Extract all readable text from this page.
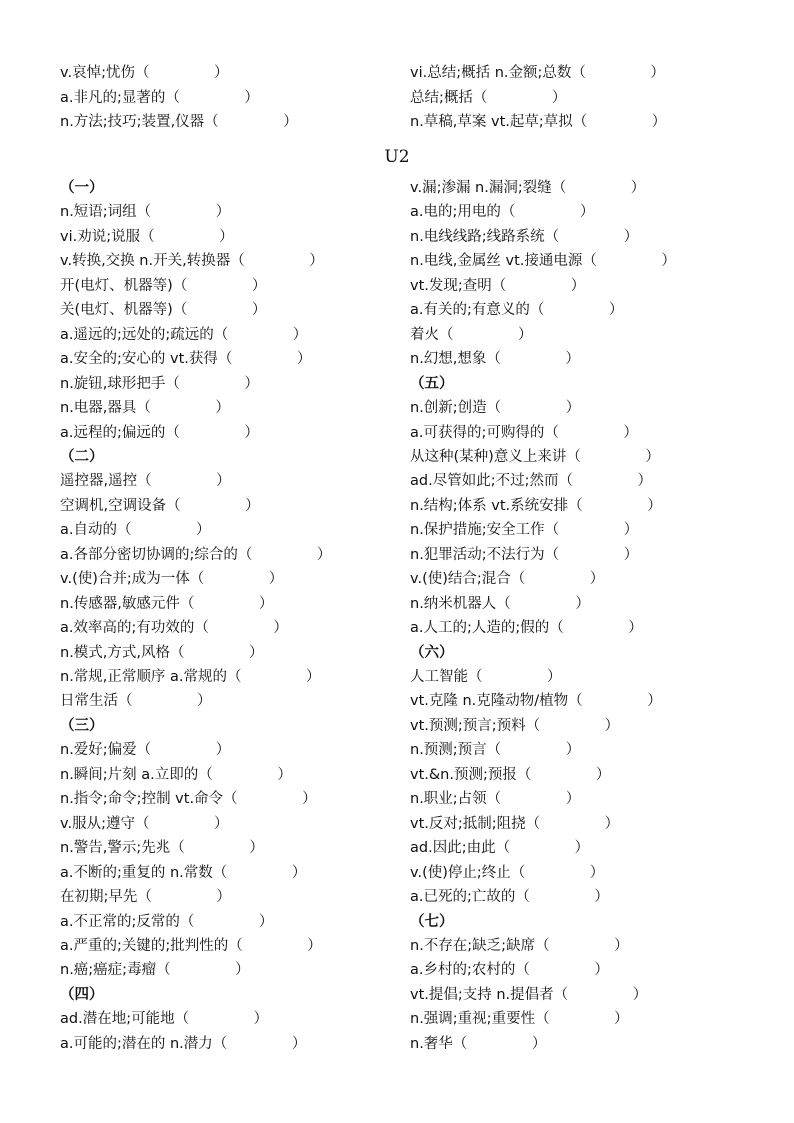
U2
v.哀悼;忧伤（              ）
a.非凡的;显著的（              ）
n.方法;技巧;装置,仪器（              ）
vi.总结;概括 n.金额;总数（              ）
总结;概括（              ）
n.草稿,草案 vt.起草;草拟（              ）
（一）
n.短语;词组（              ）
vi.劝说;说服（              ）
v.转换,交换 n.开关,转换器（              ）
开(电灯、机器等)（              ）
关(电灯、机器等)（              ）
a.遥远的;远处的;疏远的（              ）
a.安全的;安心的 vt.获得（              ）
n.旋钮,球形把手（              ）
n.电器,器具（              ）
a.远程的;偏远的（              ）
（二）
遥控器,遥控（              ）
空调机,空调设备（              ）
a.自动的（              ）
a.各部分密切协调的;综合的（              ）
v.(使)合并;成为一体（              ）
n.传感器,敏感元件（              ）
a.效率高的;有功效的（              ）
n.模式,方式,风格（              ）
n.常规,正常顺序 a.常规的（              ）
日常生活（              ）
（三）
n.爱好;偏爱（              ）
n.瞬间;片刻 a.立即的（              ）
n.指令;命令;控制 vt.命令（              ）
v.服从;遵守（              ）
n.警告,警示;先兆（              ）
a.不断的;重复的 n.常数（              ）
在初期;早先（              ）
a.不正常的;反常的（              ）
a.严重的;关键的;批判性的（              ）
n.癌;癌症;毒瘤（              ）
（四）
ad.潜在地;可能地（              ）
a.可能的;潜在的 n.潜力（              ）
v.漏;渗漏 n.漏洞;裂缝（              ）
a.电的;用电的（              ）
n.电线线路;线路系统（              ）
n.电线,金属丝 vt.接通电源（              ）
vt.发现;查明（              ）
a.有关的;有意义的（              ）
着火（              ）
n.幻想,想象（              ）
（五）
n.创新;创造（              ）
a.可获得的;可购得的（              ）
从这种(某种)意义上来讲（              ）
ad.尽管如此;不过;然而（              ）
n.结构;体系 vt.系统安排（              ）
n.保护措施;安全工作（              ）
n.犯罪活动;不法行为（              ）
v.(使)结合;混合（              ）
n.纳米机器人（              ）
a.人工的;人造的;假的（              ）
（六）
人工智能（              ）
vt.克隆 n.克隆动物/植物（              ）
vt.预测;预言;预料（              ）
n.预测;预言（              ）
vt.&n.预测;预报（              ）
n.职业;占领（              ）
vt.反对;抵制;阻挠（              ）
ad.因此;由此（              ）
v.(使)停止;终止（              ）
a.已死的;亡故的（              ）
（七）
n.不存在;缺乏;缺席（              ）
a.乡村的;农村的（              ）
vt.提倡;支持 n.提倡者（              ）
n.强调;重视;重要性（              ）
n.奢华（              ）
